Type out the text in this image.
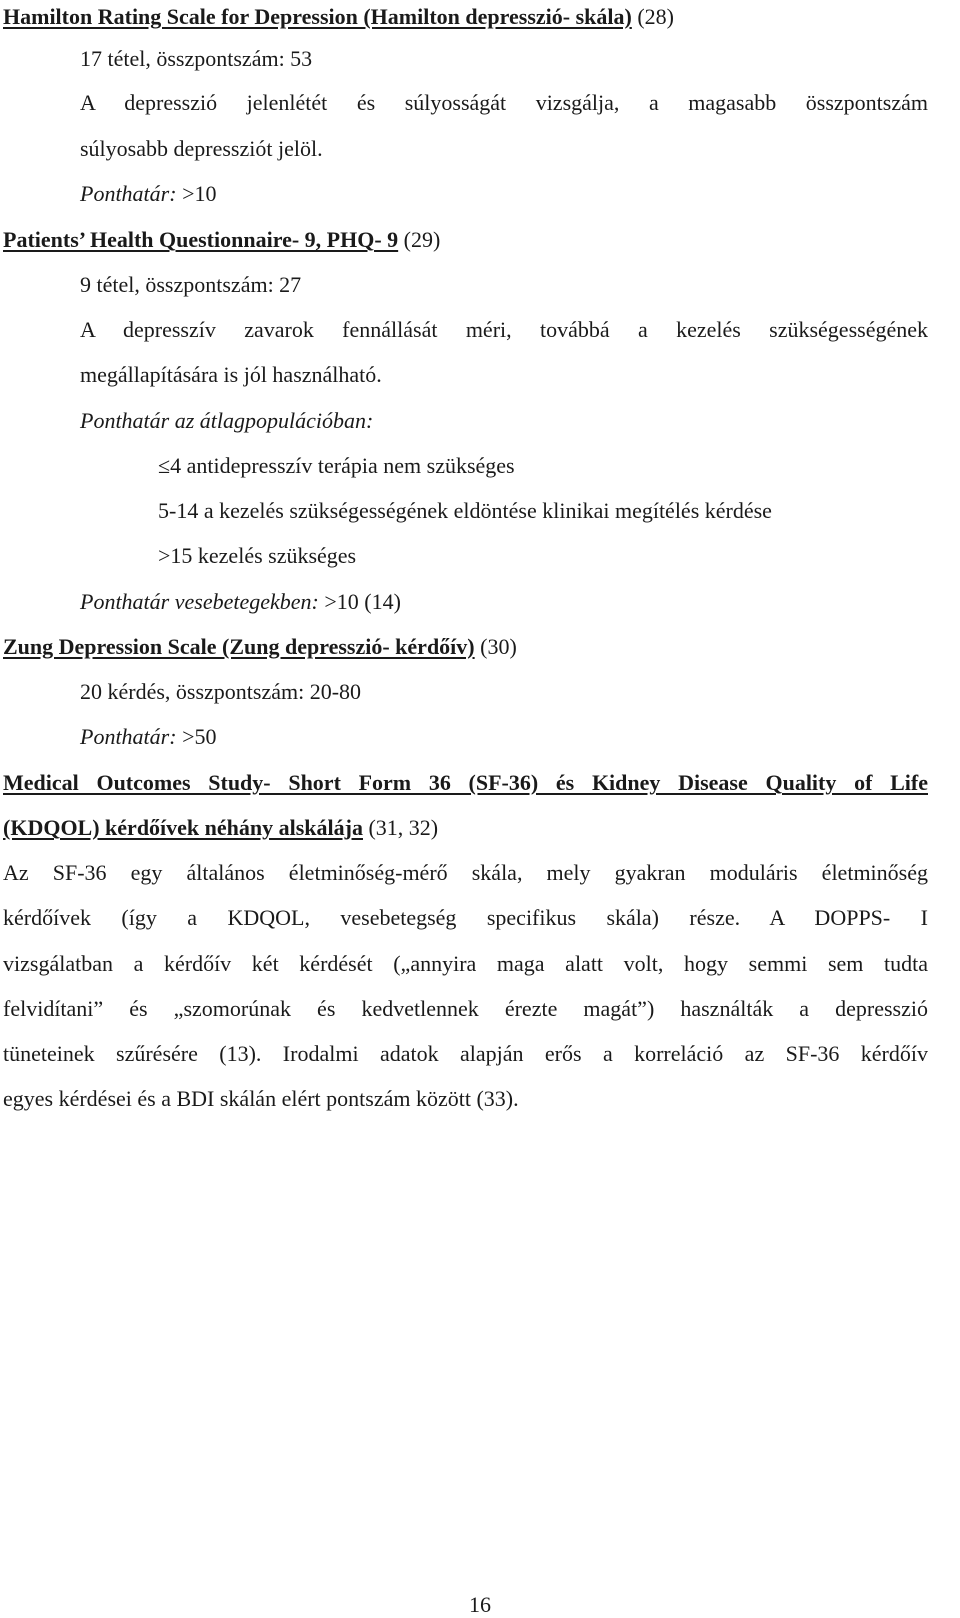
Hamilton Rating Scale for Depression (Hamilton depresszió- skála) (28)
17 tétel, összpontszám: 53
A depresszió jelenlétét és súlyosságát vizsgálja, a magasabb összpontszám
súlyosabb depressziót jelöl.
Ponthatár: >10
Patients’ Health Questionnaire- 9, PHQ- 9 (29)
9 tétel, összpontszám: 27
A depresszív zavarok fennállását méri, továbbá a kezelés szükségességének
megállapítására is jól használható.
Ponthatár az átlagpopulációban:
≤4 antidepresszív terápia nem szükséges
5-14 a kezelés szükségességének eldöntése klinikai megítélés kérdése
>15 kezelés szükséges
Ponthatár vesebetegekben: >10 (14)
Zung Depression Scale (Zung depresszió- kérdőív) (30)
20 kérdés, összpontszám: 20-80
Ponthatár: >50
Medical Outcomes Study- Short Form 36 (SF-36) és Kidney Disease Quality of Life
(KDQOL) kérdőívek néhány alskálája (31, 32)
Az SF-36 egy általános életminőség-mérő skála, mely gyakran moduláris életminőség
kérdőívek (így a KDQOL, vesebetegség specifikus skála) része. A DOPPS- I
vizsgálatban a kérdőív két kérdését („annyira maga alatt volt, hogy semmi sem tudta
felvidítani” és „szomorúnak és kedvetlennek érezte magát”) használták a depresszió
tüneteinek szűrésére (13). Irodalmi adatok alapján erős a korreláció az SF-36 kérdőív
egyes kérdései és a BDI skálán elért pontszám között (33).
16
